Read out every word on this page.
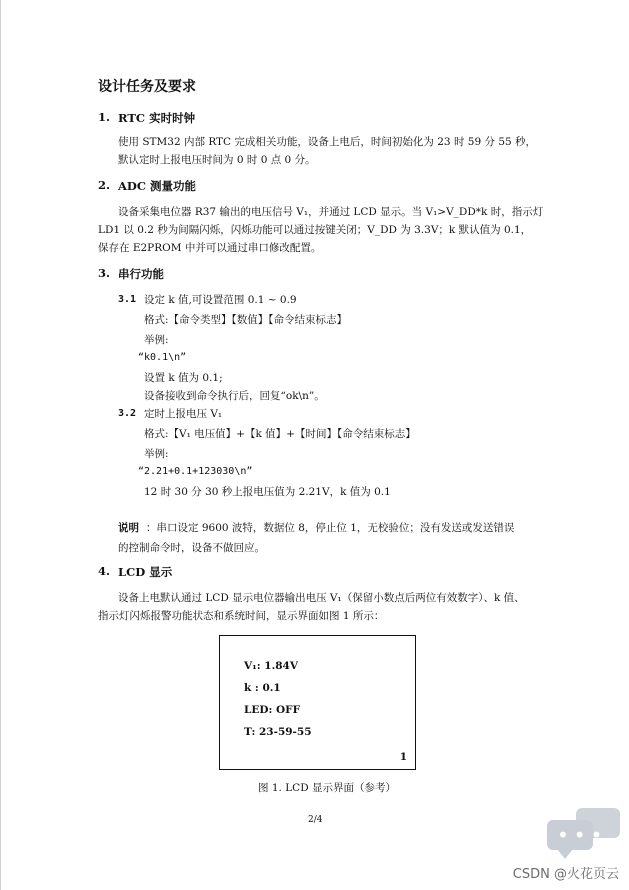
设计任务及要求
1. RTC 实时时钟
使用 STM32 内部 RTC 完成相关功能，设备上电后，时间初始化为 23 时 59 分 55 秒，
默认定时上报电压时间为 0 时 0 点 0 分。
2. ADC 测量功能
设备采集电位器 R37 输出的电压信号 V₁，并通过 LCD 显示。当 V₁>V_DD*k 时，指示灯
LD1 以 0.2 秒为间隔闪烁，闪烁功能可以通过按键关闭；V_DD 为 3.3V；k 默认值为 0.1，
保存在 E2PROM 中并可以通过串口修改配置。
3. 串行功能
3.1 设定 k 值,可设置范围 0.1 ~ 0.9
格式:【命令类型】【数值】【命令结束标志】
举例:
“k0.1\n”
设置 k 值为 0.1;
设备接收到命令执行后，回复“ok\n”。
3.2 定时上报电压 V₁
格式:【V₁ 电压值】+【k 值】+【时间】【命令结束标志】
举例:
“2.21+0.1+123030\n”
12 时 30 分 30 秒上报电压值为 2.21V，k 值为 0.1
说明 ：串口设定 9600 波特，数据位 8，停止位 1，无校验位；没有发送或发送错误
的控制命令时，设备不做回应。
4. LCD 显示
设备上电默认通过 LCD 显示电位器输出电压 V₁（保留小数点后两位有效数字）、k 值、
指示灯闪烁报警功能状态和系统时间，显示界面如图 1 所示：
V₁: 1.84V
k : 0.1
LED: OFF
T: 23-59-55
1
图 1. LCD 显示界面（参考）
2/4
•••
CSDN @火花页云
